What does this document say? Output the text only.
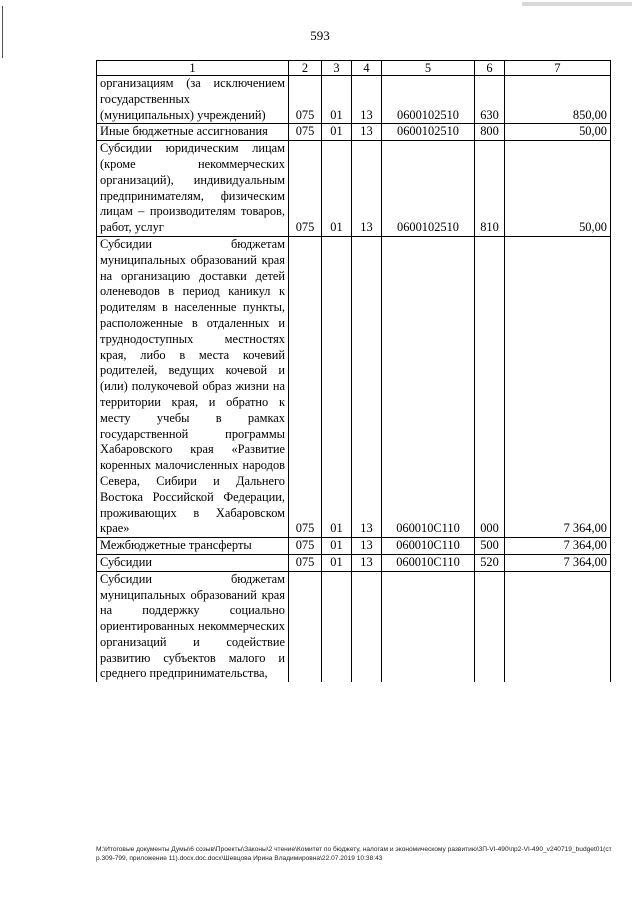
593
1	2	3	4	5	6	7
организациям (за исключением государственных (муниципальных) учреждений)	075	01	13	0600102510	630	850,00
Иные бюджетные ассигнования	075	01	13	0600102510	800	50,00
Субсидии юридическим лицам (кроме некоммерческих организаций), индивидуальным предпринимателям, физическим лицам – производителям товаров, работ, услуг	075	01	13	0600102510	810	50,00
Субсидии бюджетам муниципальных образований края на организацию доставки детей оленеводов в период каникул к родителям в населенные пункты, расположенные в отдаленных и труднодоступных местностях края, либо в места кочевий родителей, ведущих кочевой и (или) полукочевой образ жизни на территории края, и обратно к месту учебы в рамках государственной программы Хабаровского края «Развитие коренных малочисленных народов Севера, Сибири и Дальнего Востока Российской Федерации, проживающих в Хабаровском крае»	075	01	13	060010С110	000	7 364,00
Межбюджетные трансферты	075	01	13	060010С110	500	7 364,00
Субсидии	075	01	13	060010С110	520	7 364,00
Субсидии бюджетам муниципальных образований края на поддержку социально ориентированных некоммерческих организаций и содействие развитию субъектов малого и среднего предпринимательства,						
М:\Итоговые документы Думы\6 созыв\Проекты\Законы\2 чтение\Комитет по бюджету, налогам и экономическому развитию\3П-VI-490\пр2-VI-490_v240719_budget01(стр.309-799, приложение 11).docx.doc.docx\Шевцова Ирина Владимировна\22.07.2019 10:38:43
